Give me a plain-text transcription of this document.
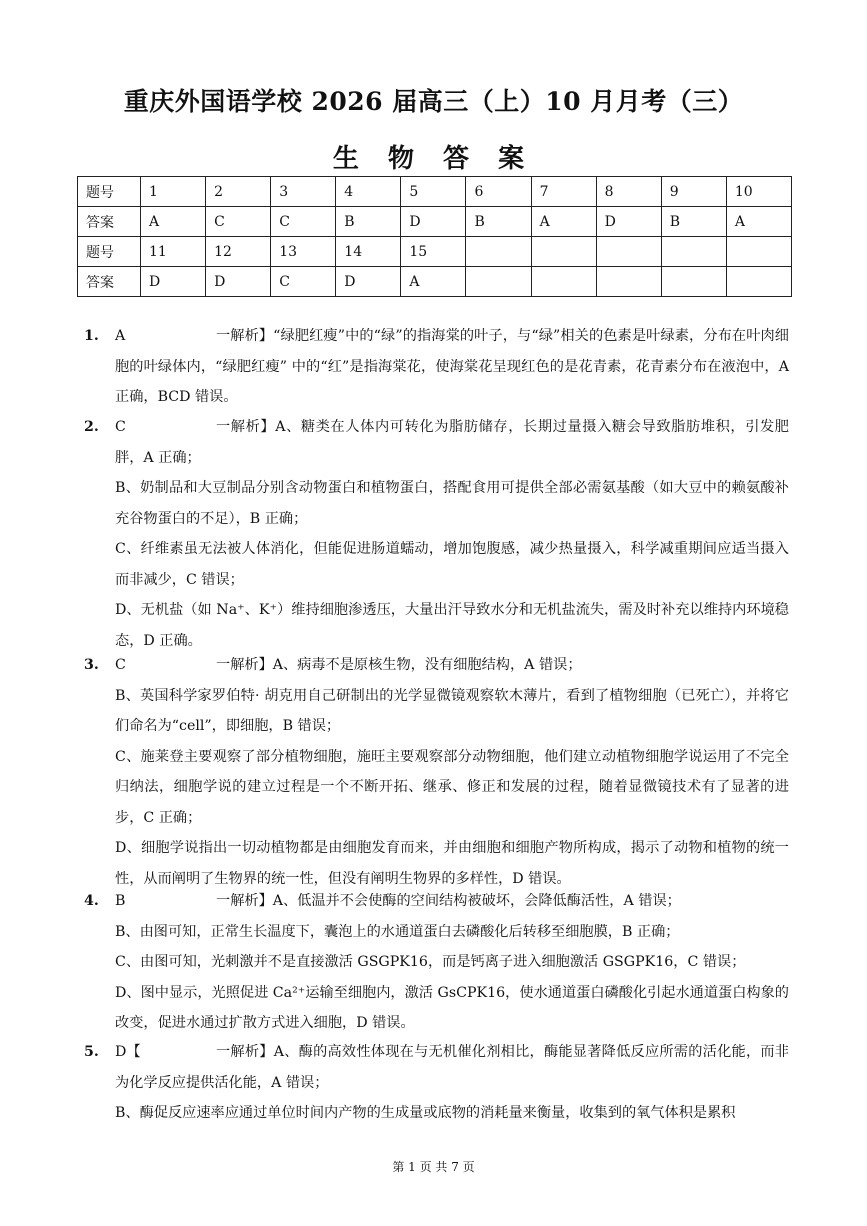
重庆外国语学校 2026 届高三（上）10 月月考（三）
生 物 答 案
题号	1	2	3	4	5	6	7	8	9	10
答案	A	C	C	B	D	B	A	D	B	A
题号	11	12	13	14	15					
答案	D	D	C	D	A					
1. A	一解析】“绿肥红瘦”中的“绿”的指海棠的叶子，与“绿”相关的色素是叶绿素，分布在叶肉细胞的叶绿体内，“绿肥红瘦” 中的“红”是指海棠花，使海棠花呈现红色的是花青素，花青素分布在液泡中，A 正确，BCD 错误。
2. C	一解析】A、糖类在人体内可转化为脂肪储存，长期过量摄入糖会导致脂肪堆积，引发肥胖，A 正确；
B、奶制品和大豆制品分别含动物蛋白和植物蛋白，搭配食用可提供全部必需氨基酸（如大豆中的赖氨酸补充谷物蛋白的不足），B 正确；
C、纤维素虽无法被人体消化，但能促进肠道蠕动，增加饱腹感，减少热量摄入，科学减重期间应适当摄入而非减少，C 错误；
D、无机盐（如 Na⁺、K⁺）维持细胞渗透压，大量出汗导致水分和无机盐流失，需及时补充以维持内环境稳态，D 正确。
3. C	一解析】A、病毒不是原核生物，没有细胞结构，A 错误；
B、英国科学家罗伯特· 胡克用自己研制出的光学显微镜观察软木薄片，看到了植物细胞（已死亡），并将它们命名为“cell”，即细胞，B 错误；
C、施莱登主要观察了部分植物细胞，施旺主要观察部分动物细胞，他们建立动植物细胞学说运用了不完全归纳法，细胞学说的建立过程是一个不断开拓、继承、修正和发展的过程，随着显微镜技术有了显著的进步，C 正确；
D、细胞学说指出一切动植物都是由细胞发育而来，并由细胞和细胞产物所构成，揭示了动物和植物的统一性，从而阐明了生物界的统一性，但没有阐明生物界的多样性，D 错误。
4. B	一解析】A、低温并不会使酶的空间结构被破坏，会降低酶活性，A 错误；
B、由图可知，正常生长温度下，囊泡上的水通道蛋白去磷酸化后转移至细胞膜，B 正确；
C、由图可知，光刺激并不是直接激活 GSGPK16，而是钙离子进入细胞激活 GSGPK16，C 错误；
D、图中显示，光照促进 Ca²⁺运输至细胞内，激活 GsCPK16，使水通道蛋白磷酸化引起水通道蛋白构象的改变，促进水通过扩散方式进入细胞，D 错误。
5. D【	一解析】A、酶的高效性体现在与无机催化剂相比，酶能显著降低反应所需的活化能，而非为化学反应提供活化能，A 错误；
B、酶促反应速率应通过单位时间内产物的生成量或底物的消耗量来衡量，收集到的氧气体积是累积
第 1 页 共 7 页
